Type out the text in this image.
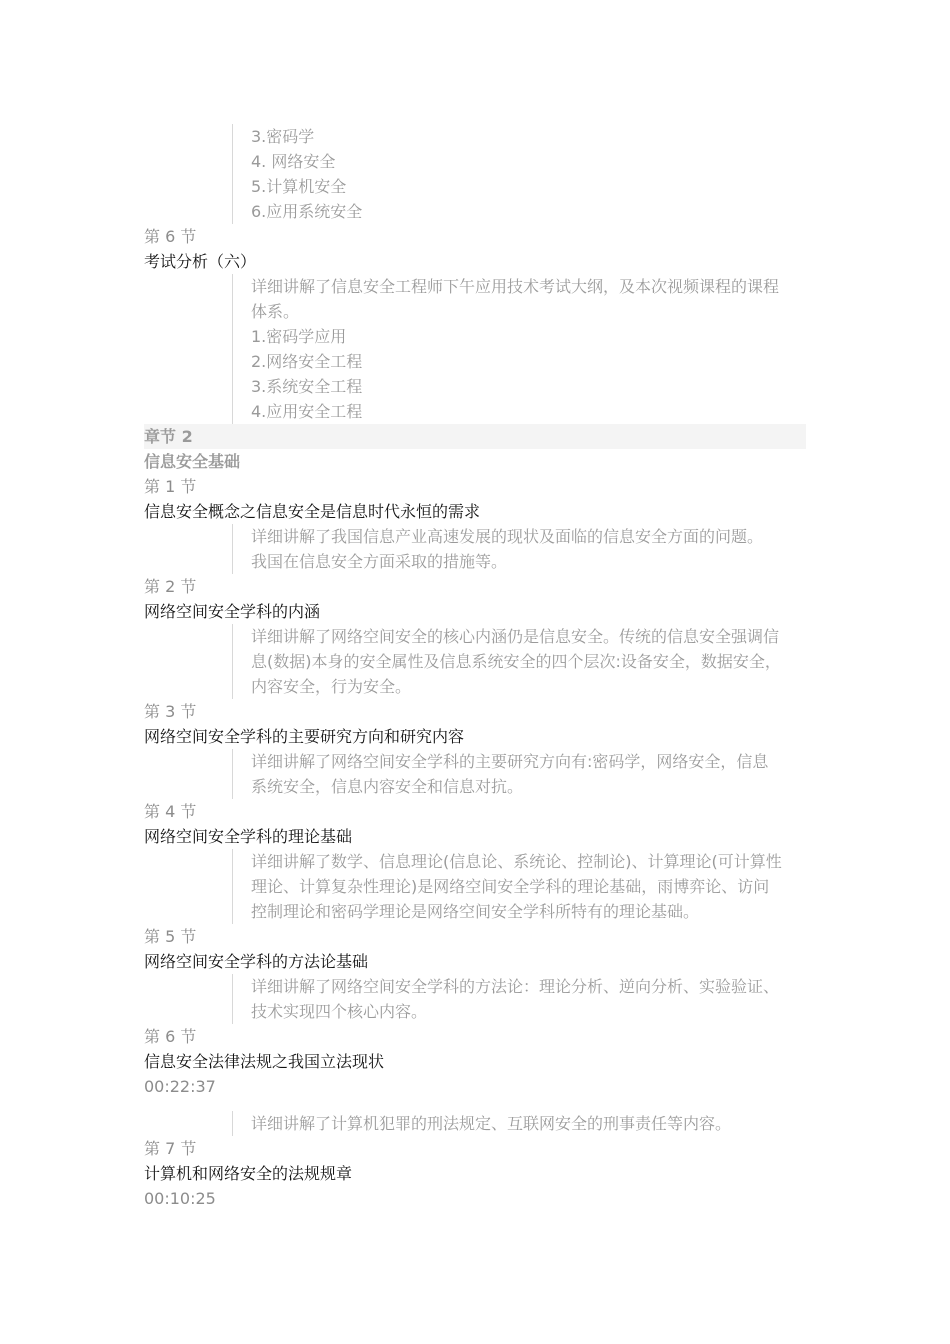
3.密码学
4. 网络安全
5.计算机安全
6.应用系统安全
第 6 节
考试分析（六）
详细讲解了信息安全工程师下午应用技术考试大纲，及本次视频课程的课程
体系。
1.密码学应用
2.网络安全工程
3.系统安全工程
4.应用安全工程
章节 2
信息安全基础
第 1 节
信息安全概念之信息安全是信息时代永恒的需求
详细讲解了我国信息产业高速发展的现状及面临的信息安全方面的问题。
我国在信息安全方面采取的措施等。
第 2 节
网络空间安全学科的内涵
详细讲解了网络空间安全的核心内涵仍是信息安全。传统的信息安全强调信
息(数据)本身的安全属性及信息系统安全的四个层次:设备安全，数据安全，
内容安全，行为安全。
第 3 节
网络空间安全学科的主要研究方向和研究内容
详细讲解了网络空间安全学科的主要研究方向有:密码学，网络安全，信息
系统安全，信息内容安全和信息对抗。
第 4 节
网络空间安全学科的理论基础
详细讲解了数学、信息理论(信息论、系统论、控制论)、计算理论(可计算性
理论、计算复杂性理论)是网络空间安全学科的理论基础，雨博弈论、访问
控制理论和密码学理论是网络空间安全学科所特有的理论基础。
第 5 节
网络空间安全学科的方法论基础
详细讲解了网络空间安全学科的方法论：理论分析、逆向分析、实验验证、
技术实现四个核心内容。
第 6 节
信息安全法律法规之我国立法现状
00:22:37
详细讲解了计算机犯罪的刑法规定、互联网安全的刑事责任等内容。
第 7 节
计算机和网络安全的法规规章
00:10:25
